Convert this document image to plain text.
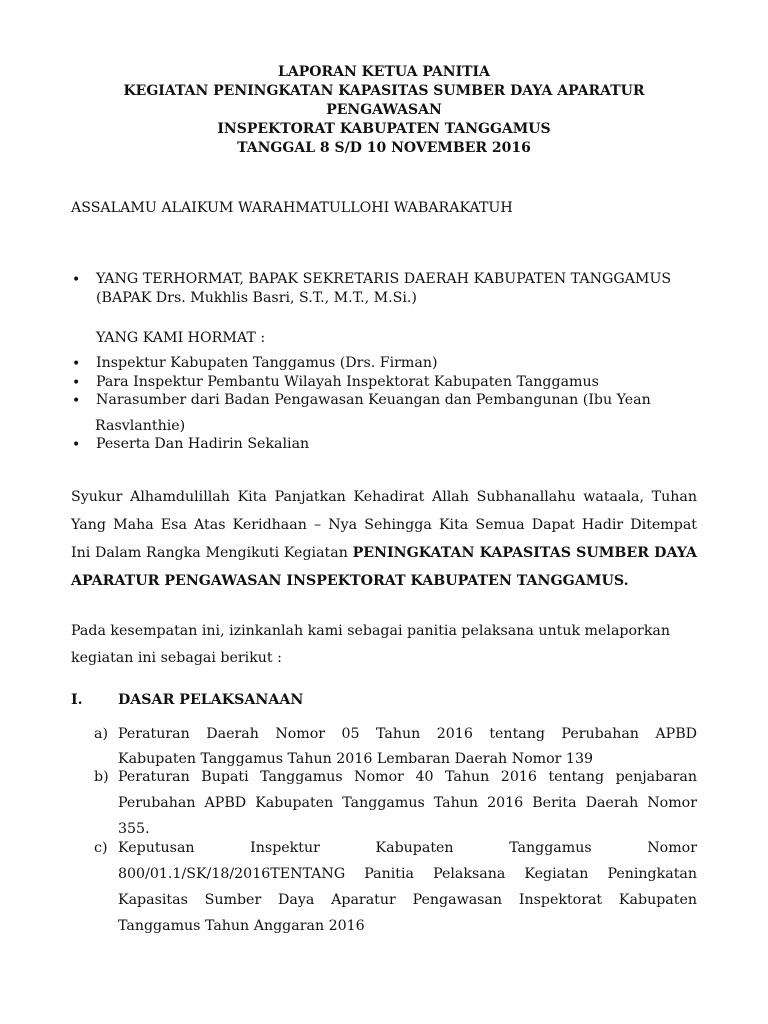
LAPORAN KETUA PANITIA
KEGIATAN PENINGKATAN KAPASITAS SUMBER DAYA APARATUR
PENGAWASAN
INSPEKTORAT KABUPATEN TANGGAMUS
TANGGAL 8 S/D 10 NOVEMBER 2016
ASSALAMU ALAIKUM WARAHMATULLOHI WABARAKATUH
• YANG TERHORMAT, BAPAK SEKRETARIS DAERAH KABUPATEN TANGGAMUS
(BAPAK Drs. Mukhlis Basri, S.T., M.T., M.Si.)
YANG KAMI HORMAT :
• Inspektur Kabupaten Tanggamus (Drs. Firman)
• Para Inspektur Pembantu Wilayah Inspektorat Kabupaten Tanggamus
• Narasumber dari Badan Pengawasan Keuangan dan Pembangunan (Ibu Yean
Rasvlanthie)
• Peserta Dan Hadirin Sekalian
Syukur Alhamdulillah Kita Panjatkan Kehadirat Allah Subhanallahu wataala, Tuhan
Yang Maha Esa Atas Keridhaan – Nya Sehingga Kita Semua Dapat Hadir Ditempat
Ini Dalam Rangka Mengikuti Kegiatan PENINGKATAN KAPASITAS SUMBER DAYA
APARATUR PENGAWASAN INSPEKTORAT KABUPATEN TANGGAMUS.
Pada kesempatan ini, izinkanlah kami sebagai panitia pelaksana untuk melaporkan
kegiatan ini sebagai berikut :
I. DASAR PELAKSANAAN
a) Peraturan Daerah Nomor 05 Tahun 2016 tentang Perubahan APBD
Kabupaten Tanggamus Tahun 2016 Lembaran Daerah Nomor 139
b) Peraturan Bupati Tanggamus Nomor 40 Tahun 2016 tentang penjabaran
Perubahan APBD Kabupaten Tanggamus Tahun 2016 Berita Daerah Nomor
355.
c) Keputusan Inspektur Kabupaten Tanggamus Nomor
800/01.1/SK/18/2016TENTANG Panitia Pelaksana Kegiatan Peningkatan
Kapasitas Sumber Daya Aparatur Pengawasan Inspektorat Kabupaten
Tanggamus Tahun Anggaran 2016
